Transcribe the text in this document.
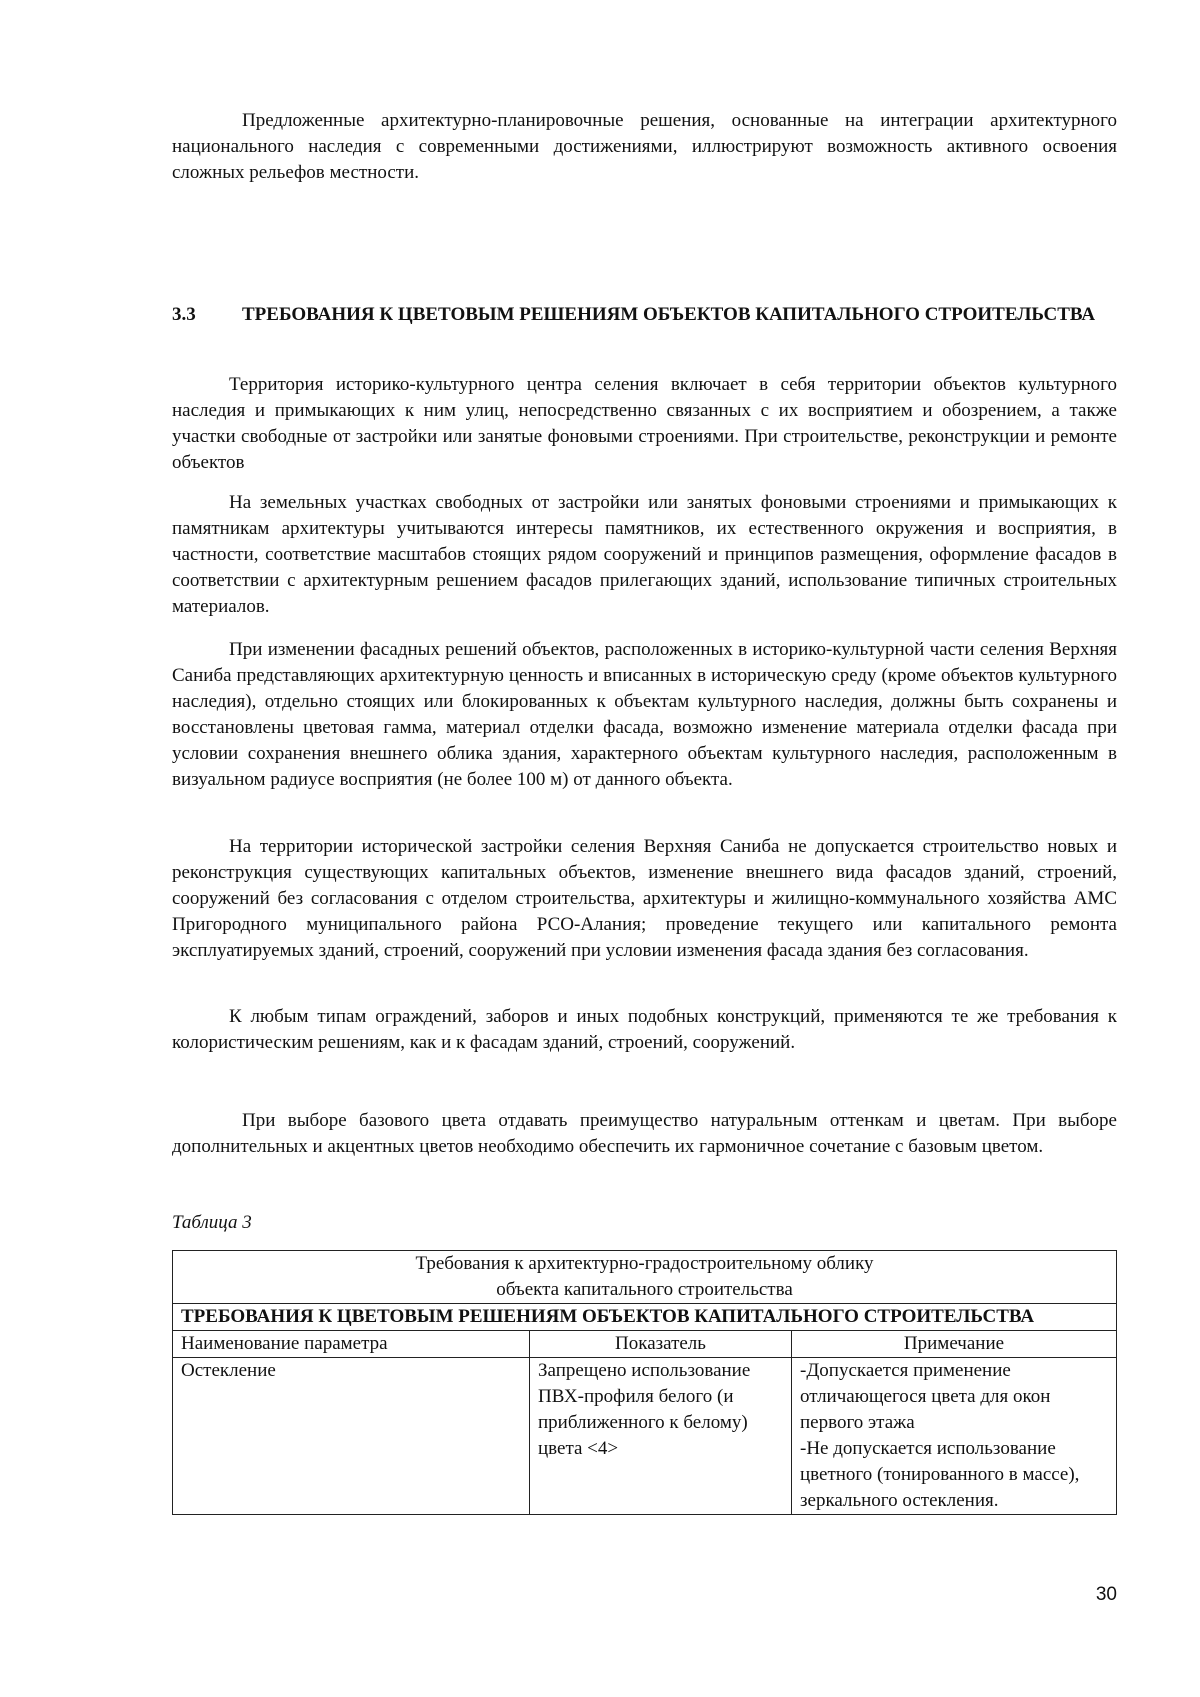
Предложенные архитектурно-планировочные решения, основанные на интеграции архитектурного национального наследия с современными достижениями, иллюстрируют возможность активного освоения сложных рельефов местности.

3.3 ТРЕБОВАНИЯ К ЦВЕТОВЫМ РЕШЕНИЯМ ОБЪЕКТОВ КАПИТАЛЬНОГО СТРОИТЕЛЬСТВА

Территория историко-культурного центра селения включает в себя территории объектов культурного наследия и примыкающих к ним улиц, непосредственно связанных с их восприятием и обозрением, а также участки свободные от застройки или занятые фоновыми строениями. При строительстве, реконструкции и ремонте объектов

На земельных участках свободных от застройки или занятых фоновыми строениями и примыкающих к памятникам архитектуры учитываются интересы памятников, их естественного окружения и восприятия, в частности, соответствие масштабов стоящих рядом сооружений и принципов размещения, оформление фасадов в соответствии с архитектурным решением фасадов прилегающих зданий, использование типичных строительных материалов.

При изменении фасадных решений объектов, расположенных в историко-культурной части селения Верхняя Саниба представляющих архитектурную ценность и вписанных в историческую среду (кроме объектов культурного наследия), отдельно стоящих или блокированных к объектам культурного наследия, должны быть сохранены и восстановлены цветовая гамма, материал отделки фасада, возможно изменение материала отделки фасада при условии сохранения внешнего облика здания, характерного объектам культурного наследия, расположенным в визуальном радиусе восприятия (не более 100 м) от данного объекта.

На территории исторической застройки селения Верхняя Саниба не допускается строительство новых и реконструкция существующих капитальных объектов, изменение внешнего вида фасадов зданий, строений, сооружений без согласования с отделом строительства, архитектуры и жилищно-коммунального хозяйства АМС Пригородного муниципального района РСО-Алания; проведение текущего или капитального ремонта эксплуатируемых зданий, строений, сооружений при условии изменения фасада здания без согласования.

К любым типам ограждений, заборов и иных подобных конструкций, применяются те же требования к колористическим решениям, как и к фасадам зданий, строений, сооружений.

При выборе базового цвета отдавать преимущество натуральным оттенкам и цветам. При выборе дополнительных и акцентных цветов необходимо обеспечить их гармоничное сочетание с базовым цветом.

Таблица 3

Требования к архитектурно-градостроительному облику
объекта капитального строительства		

ТРЕБОВАНИЯ К ЦВЕТОВЫМ РЕШЕНИЯМ ОБЪЕКТОВ КАПИТАЛЬНОГО СТРОИТЕЛЬСТВА		
Наименование параметра	Показатель	Примечание
Остекление	Запрещено использование ПВХ-профиля белого (и приближенного к белому) цвета <4>	-Допускается применение отличающегося цвета для окон первого этажа
-Не допускается использование цветного (тонированного в массе), зеркального остекления.
30
